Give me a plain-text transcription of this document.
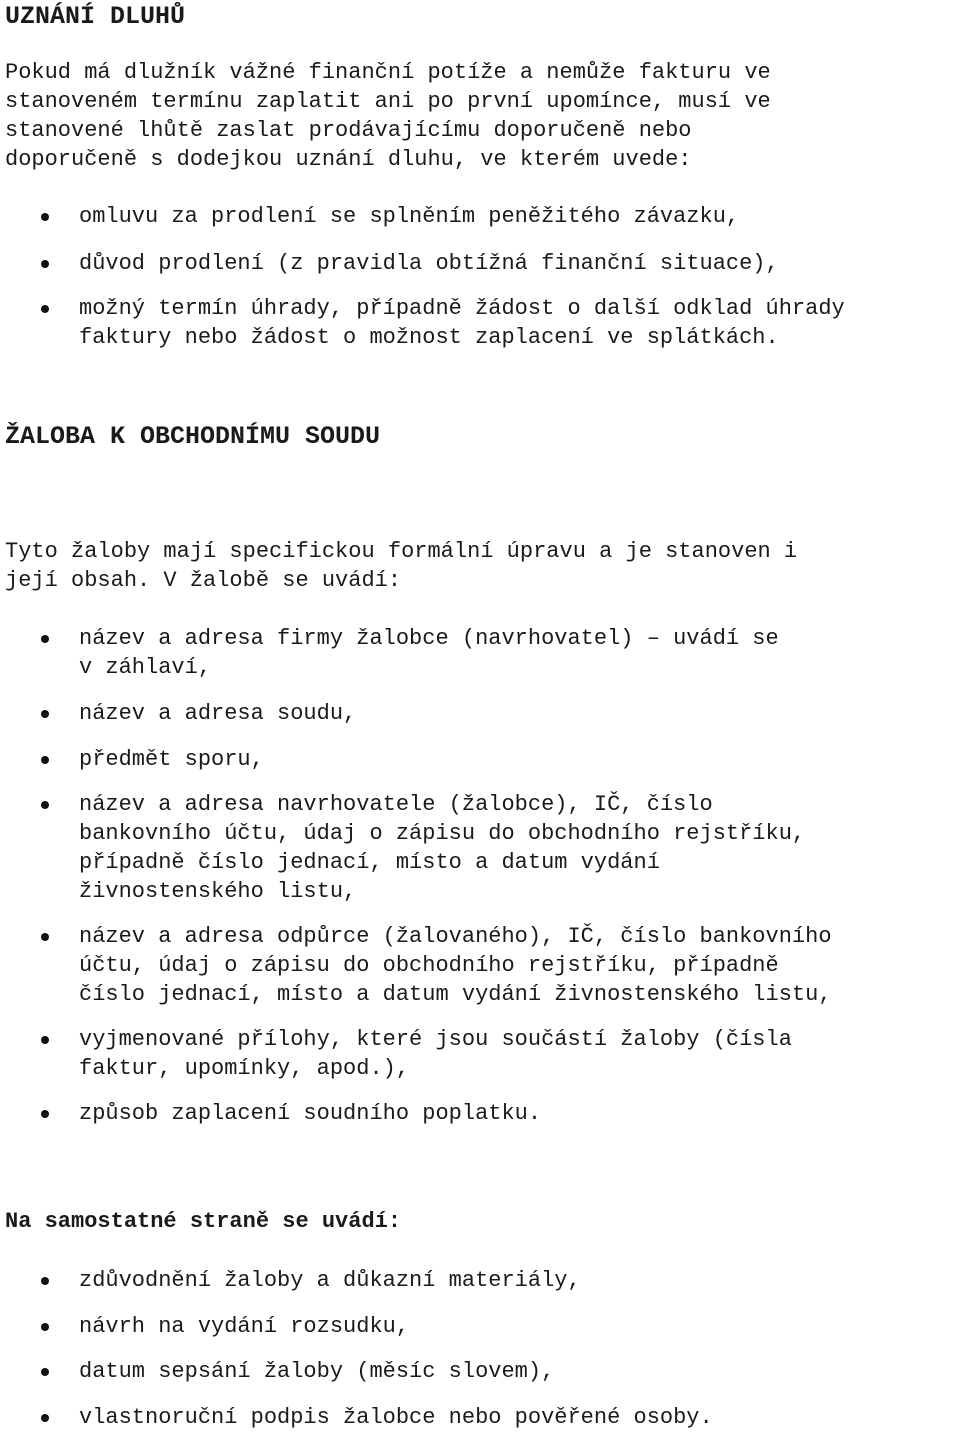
UZNÁNÍ DLUHŮ
Pokud má dlužník vážné finanční potíže a nemůže fakturu ve
stanoveném termínu zaplatit ani po první upomínce, musí ve
stanovené lhůtě zaslat prodávajícímu doporučeně nebo
doporučeně s dodejkou uznání dluhu, ve kterém uvede:
omluvu za prodlení se splněním peněžitého závazku,
důvod prodlení (z pravidla obtížná finanční situace),
možný termín úhrady, případně žádost o další odklad úhrady
faktury nebo žádost o možnost zaplacení ve splátkách.
ŽALOBA K OBCHODNÍMU SOUDU
Tyto žaloby mají specifickou formální úpravu a je stanoven i
její obsah. V žalobě se uvádí:
název a adresa firmy žalobce (navrhovatel) – uvádí se
v záhlaví,
název a adresa soudu,
předmět sporu,
název a adresa navrhovatele (žalobce), IČ, číslo
bankovního účtu, údaj o zápisu do obchodního rejstříku,
případně číslo jednací, místo a datum vydání
živnostenského listu,
název a adresa odpůrce (žalovaného), IČ, číslo bankovního
účtu, údaj o zápisu do obchodního rejstříku, případně
číslo jednací, místo a datum vydání živnostenského listu,
vyjmenované přílohy, které jsou součástí žaloby (čísla
faktur, upomínky, apod.),
způsob zaplacení soudního poplatku.
Na samostatné straně se uvádí:
zdůvodnění žaloby a důkazní materiály,
návrh na vydání rozsudku,
datum sepsání žaloby (měsíc slovem),
vlastnoruční podpis žalobce nebo pověřené osoby.
